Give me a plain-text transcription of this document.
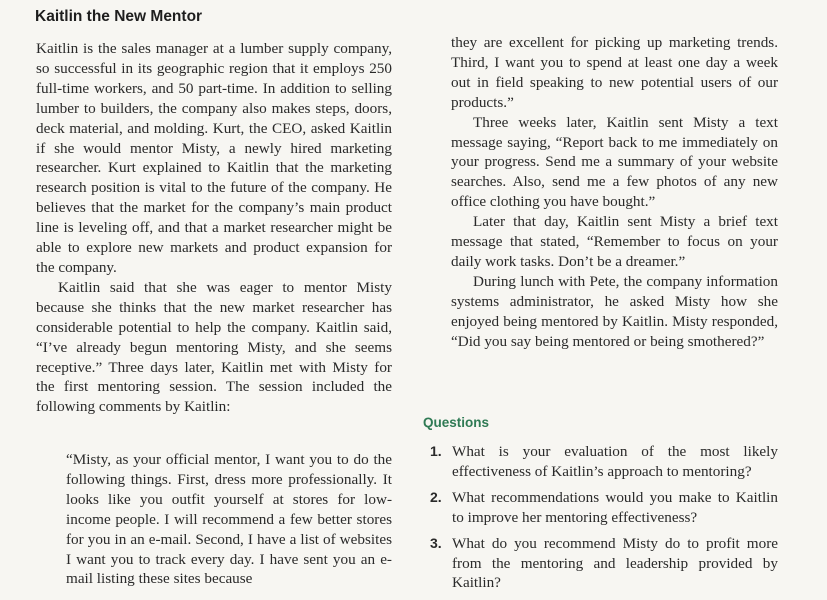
Kaitlin the New Mentor

Kaitlin is the sales manager at a lumber supply company, so successful in its geographic region that it employs 250 full-time workers, and 50 part-time. In addition to selling lumber to builders, the company also makes steps, doors, deck material, and molding. Kurt, the CEO, asked Kaitlin if she would mentor Misty, a newly hired marketing researcher. Kurt explained to Kaitlin that the marketing research position is vital to the future of the company. He believes that the market for the company’s main product line is leveling off, and that a market researcher might be able to explore new markets and product expansion for the company.

Kaitlin said that she was eager to mentor Misty because she thinks that the new market researcher has considerable potential to help the company. Kaitlin said, “I’ve already begun mentoring Misty, and she seems receptive.” Three days later, Kaitlin met with Misty for the first mentoring session. The session included the following comments by Kaitlin:

“Misty, as your official mentor, I want you to do the following things. First, dress more professionally. It looks like you outfit yourself at stores for low-income people. I will recommend a few better stores for you in an e-mail. Second, I have a list of websites I want you to track every day. I have sent you an e-mail listing these sites because

they are excellent for picking up marketing trends. Third, I want you to spend at least one day a week out in field speaking to new potential users of our products.”

Three weeks later, Kaitlin sent Misty a text message saying, “Report back to me immediately on your progress. Send me a summary of your website searches. Also, send me a few photos of any new office clothing you have bought.”

Later that day, Kaitlin sent Misty a brief text message that stated, “Remember to focus on your daily work tasks. Don’t be a dreamer.”

During lunch with Pete, the company information systems administrator, he asked Misty how she enjoyed being mentored by Kaitlin. Misty responded, “Did you say being mentored or being smothered?”

Questions
1. What is your evaluation of the most likely effectiveness of Kaitlin’s approach to mentoring?
2. What recommendations would you make to Kaitlin to improve her mentoring effectiveness?
3. What do you recommend Misty do to profit more from the mentoring and leadership provided by Kaitlin?
